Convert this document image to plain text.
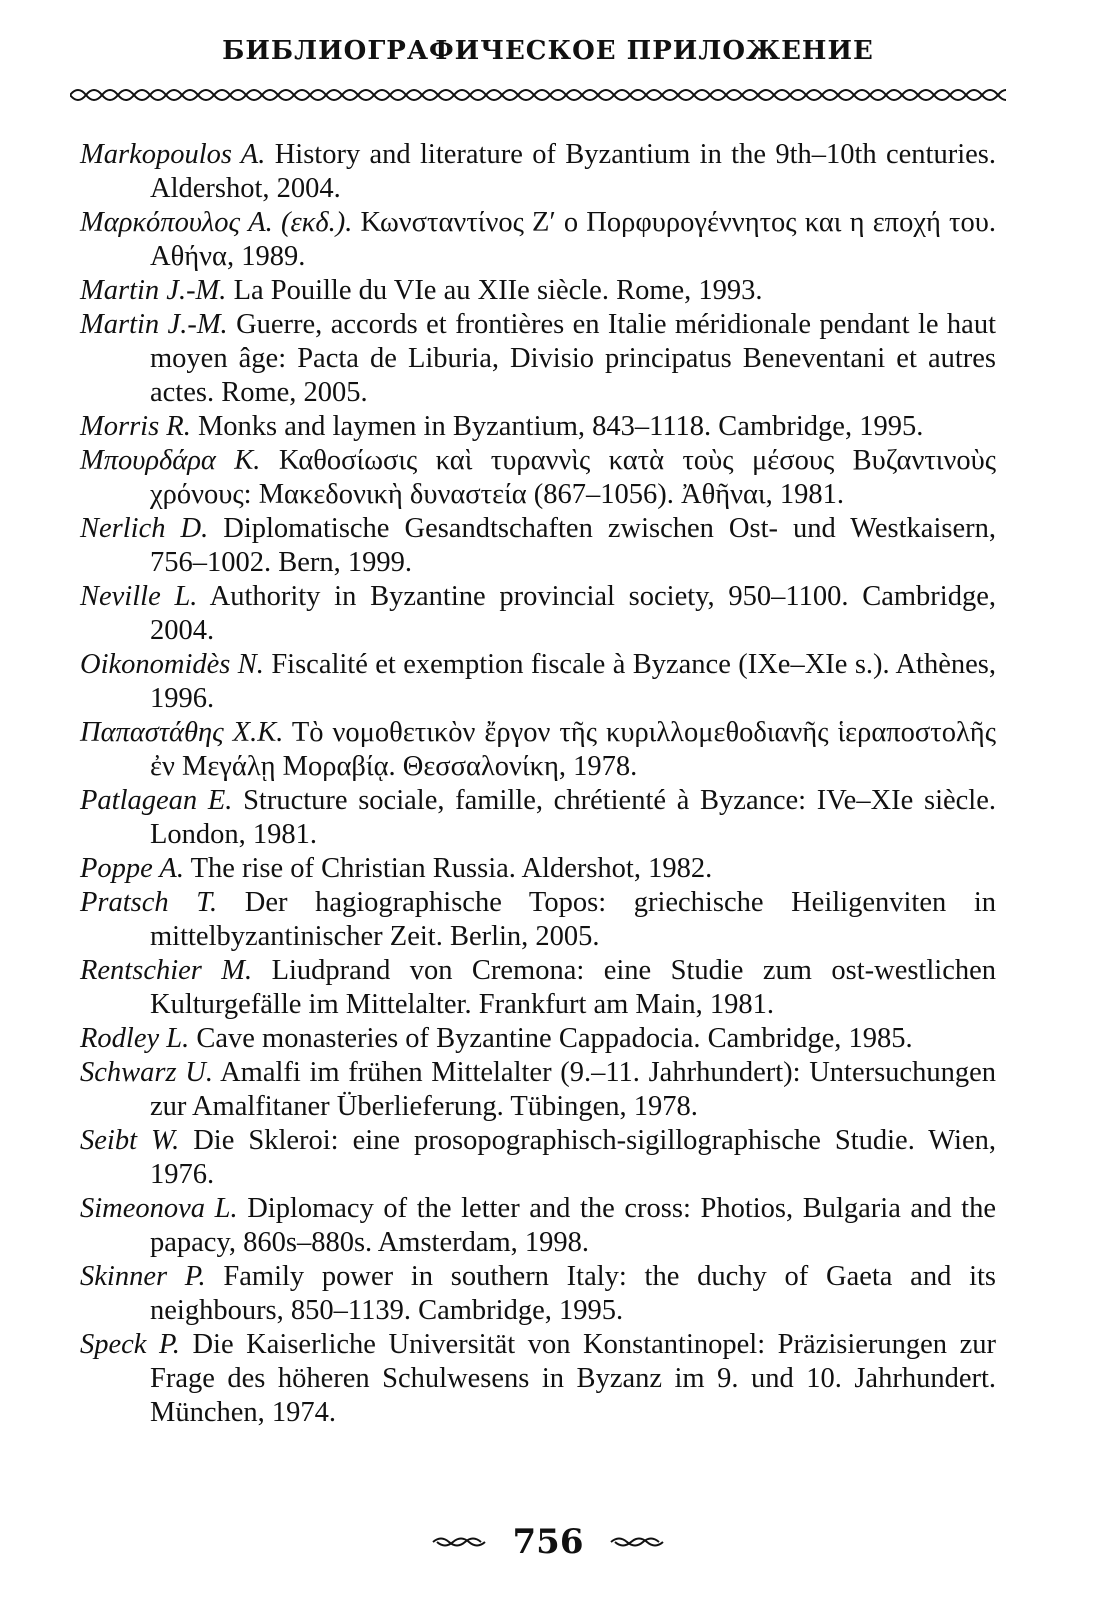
БИБЛИОГРАФИЧЕСКОЕ ПРИЛОЖЕНИЕ
Markopoulos A. History and literature of Byzantium in the 9th–10th centuries. Aldershot, 2004.
Μαρκόπουλος A. (εκδ.). Κωνσταντίνος Ζ′ ο Πορφυρογέννητος και η εποχή του. Αθήνα, 1989.
Martin J.-M. La Pouille du VIe au XIIe siècle. Rome, 1993.
Martin J.-M. Guerre, accords et frontières en Italie méridionale pendant le haut moyen âge: Pacta de Liburia, Divisio principatus Beneventani et autres actes. Rome, 2005.
Morris R. Monks and laymen in Byzantium, 843–1118. Cambridge, 1995.
Μπουρδάρα Κ. Καθοσίωσις καὶ τυραννὶς κατὰ τοὺς μέσους Βυζαντινοὺς χρόνους: Μακεδονικὴ δυναστεία (867–1056). Ἀθῆναι, 1981.
Nerlich D. Diplomatische Gesandtschaften zwischen Ost- und Westkaisern, 756–1002. Bern, 1999.
Neville L. Authority in Byzantine provincial society, 950–1100. Cambridge, 2004.
Oikonomidès N. Fiscalité et exemption fiscale à Byzance (IXe–XIe s.). Athènes, 1996.
Παπαστάθης Χ.Κ. Τὸ νομοθετικὸν ἔργον τῆς κυριλλομεθοδιανῆς ἱεραποστολῆς ἐν Μεγάλῃ Μοραβίᾳ. Θεσσαλονίκη, 1978.
Patlagean E. Structure sociale, famille, chrétienté à Byzance: IVe–XIe siècle. London, 1981.
Poppe A. The rise of Christian Russia. Aldershot, 1982.
Pratsch T. Der hagiographische Topos: griechische Heiligenviten in mittelbyzantinischer Zeit. Berlin, 2005.
Rentschier M. Liudprand von Cremona: eine Studie zum ost-westlichen Kulturgefälle im Mittelalter. Frankfurt am Main, 1981.
Rodley L. Cave monasteries of Byzantine Cappadocia. Cambridge, 1985.
Schwarz U. Amalfi im frühen Mittelalter (9.–11. Jahrhundert): Untersuchungen zur Amalfitaner Überlieferung. Tübingen, 1978.
Seibt W. Die Skleroi: eine prosopographisch-sigillographische Studie. Wien, 1976.
Simeonova L. Diplomacy of the letter and the cross: Photios, Bulgaria and the papacy, 860s–880s. Amsterdam, 1998.
Skinner P. Family power in southern Italy: the duchy of Gaeta and its neighbours, 850–1139. Cambridge, 1995.
Speck P. Die Kaiserliche Universität von Konstantinopel: Präzisierungen zur Frage des höheren Schulwesens in Byzanz im 9. und 10. Jahrhundert. München, 1974.
756
